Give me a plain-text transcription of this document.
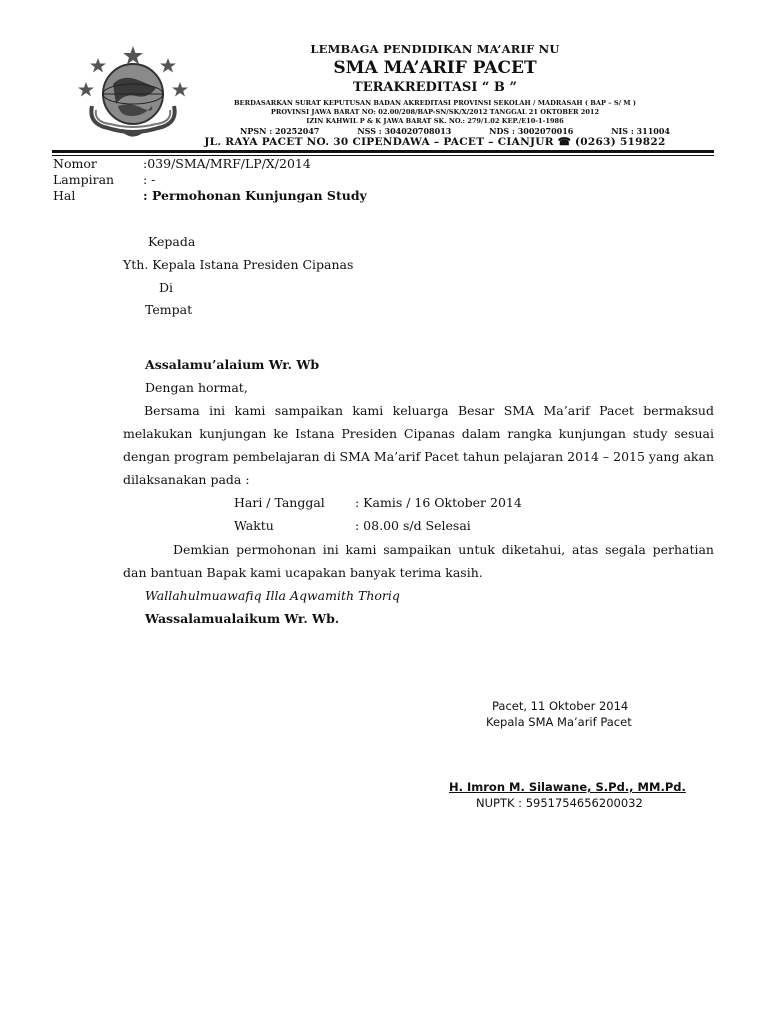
LEMBAGA PENDIDIKAN MA’ARIF NU
SMA MA’ARIF PACET
TERAKREDITASI “ B ”
BERDASARKAN SURAT KEPUTUSAN BADAN AKREDITASI PROVINSI SEKOLAH / MADRASAH ( BAP – S/ M )
PROVINSI JAWA BARAT NO: 02.00/208/BAP-SN/SK/X/2012 TANGGAL 21 OKTOBER 2012
IZIN KAHWIL P & K JAWA BARAT SK. NO.: 279/1.02 KEP./E10-1-1986
NPSN : 20252047	NSS : 304020708013	NDS : 3002070016	NIS : 311004
JL. RAYA PACET NO. 30 CIPENDAWA – PACET – CIANJUR ☎ (0263) 519822
Nomor	:039/SMA/MRF/LP/X/2014
Lampiran : -
Hal	: Permohonan Kunjungan Study
Kepada
Yth. Kepala Istana Presiden Cipanas
Di
Tempat
Assalamu’alaium Wr. Wb
Dengan hormat,
Bersama ini kami sampaikan kami keluarga Besar SMA Ma’arif Pacet bermaksud melakukan kunjungan ke Istana Presiden Cipanas dalam rangka kunjungan study sesuai dengan program pembelajaran di SMA Ma’arif Pacet tahun pelajaran 2014 – 2015 yang akan dilaksanakan pada :
Hari / Tanggal : Kamis / 16 Oktober 2014
Waktu	: 08.00 s/d Selesai
Demkian permohonan ini kami sampaikan untuk diketahui, atas segala perhatian dan bantuan Bapak kami ucapakan banyak terima kasih.
Wallahulmuawafiq Illa Aqwamith Thoriq
Wassalamualaikum Wr. Wb.
Pacet, 11 Oktober 2014
Kepala SMA Ma’arif Pacet
H. Imron M. Silawane, S.Pd., MM.Pd.
NUPTK : 5951754656200032
